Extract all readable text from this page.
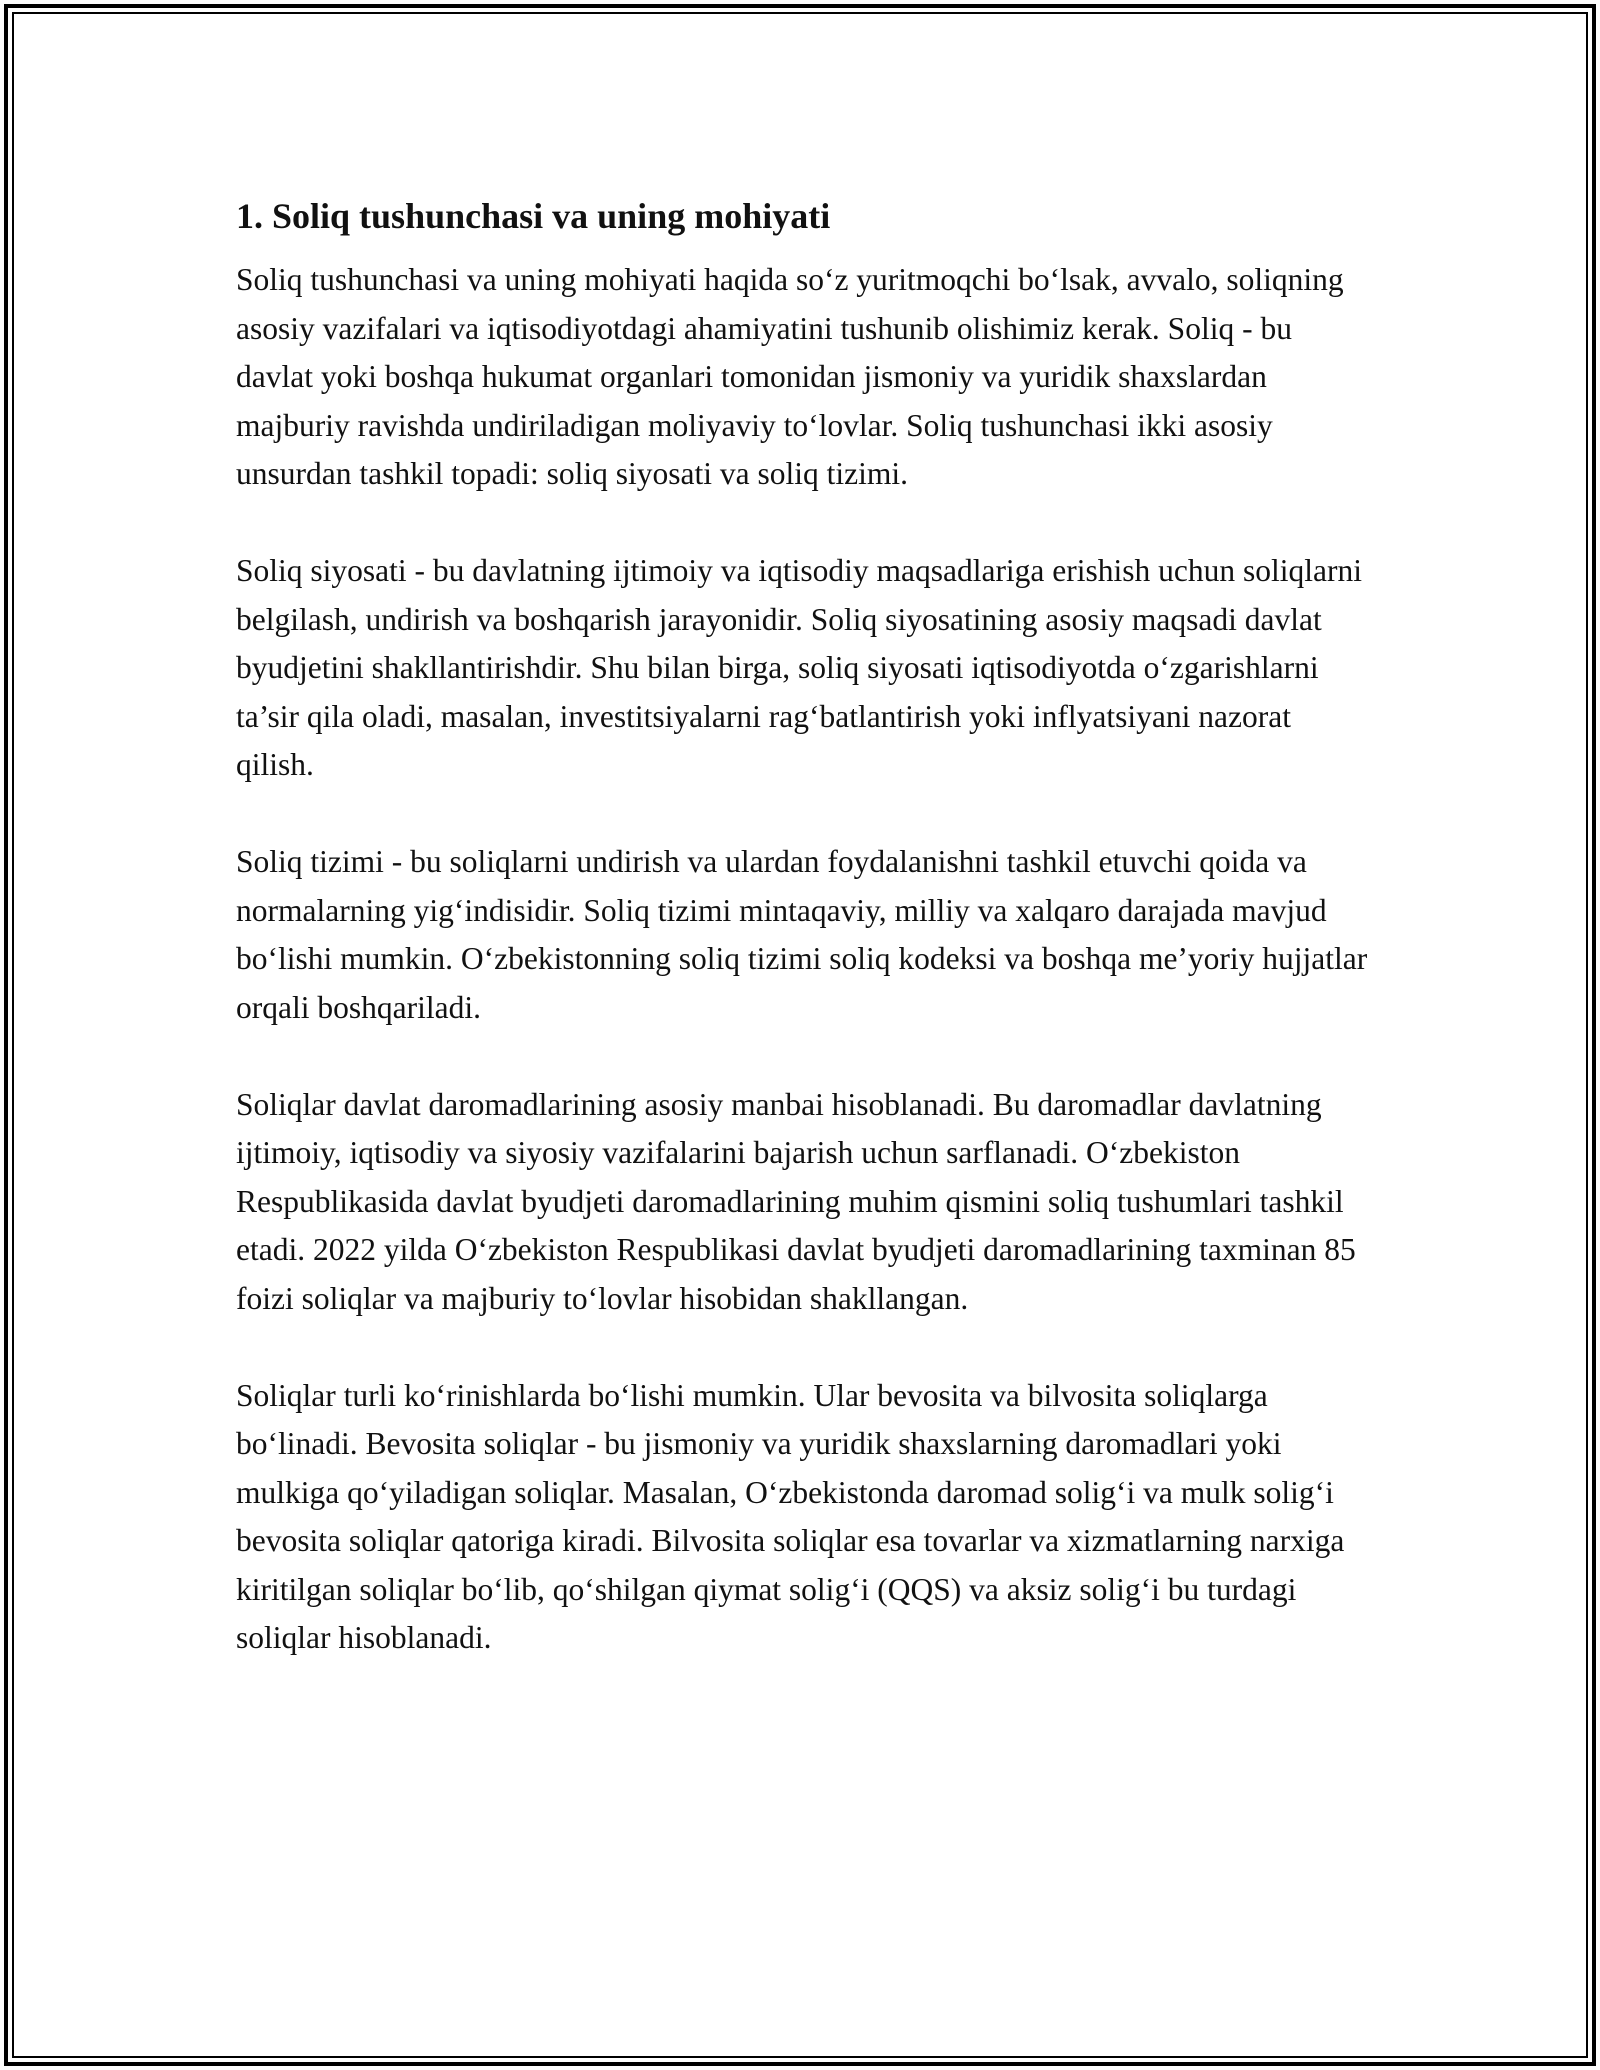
1. Soliq tushunchasi va uning mohiyati

Soliq tushunchasi va uning mohiyati haqida so‘z yuritmoqchi bo‘lsak, avvalo, soliqning asosiy vazifalari va iqtisodiyotdagi ahamiyatini tushunib olishimiz kerak. Soliq - bu davlat yoki boshqa hukumat organlari tomonidan jismoniy va yuridik shaxslardan majburiy ravishda undiriladigan moliyaviy to‘lovlar. Soliq tushunchasi ikki asosiy unsurdan tashkil topadi: soliq siyosati va soliq tizimi.

Soliq siyosati - bu davlatning ijtimoiy va iqtisodiy maqsadlariga erishish uchun soliqlarni belgilash, undirish va boshqarish jarayonidir. Soliq siyosatining asosiy maqsadi davlat byudjetini shakllantirishdir. Shu bilan birga, soliq siyosati iqtisodiyotda o‘zgarishlarni ta’sir qila oladi, masalan, investitsiyalarni rag‘batlantirish yoki inflyatsiyani nazorat qilish.

Soliq tizimi - bu soliqlarni undirish va ulardan foydalanishni tashkil etuvchi qoida va normalarning yig‘indisidir. Soliq tizimi mintaqaviy, milliy va xalqaro darajada mavjud bo‘lishi mumkin. O‘zbekistonning soliq tizimi soliq kodeksi va boshqa me’yoriy hujjatlar orqali boshqariladi.

Soliqlar davlat daromadlarining asosiy manbai hisoblanadi. Bu daromadlar davlatning ijtimoiy, iqtisodiy va siyosiy vazifalarini bajarish uchun sarflanadi. O‘zbekiston Respublikasida davlat byudjeti daromadlarining muhim qismini soliq tushumlari tashkil etadi. 2022 yilda O‘zbekiston Respublikasi davlat byudjeti daromadlarining taxminan 85 foizi soliqlar va majburiy to‘lovlar hisobidan shakllangan.

Soliqlar turli ko‘rinishlarda bo‘lishi mumkin. Ular bevosita va bilvosita soliqlarga bo‘linadi. Bevosita soliqlar - bu jismoniy va yuridik shaxslarning daromadlari yoki mulkiga qo‘yiladigan soliqlar. Masalan, O‘zbekistonda daromad solig‘i va mulk solig‘i bevosita soliqlar qatoriga kiradi. Bilvosita soliqlar esa tovarlar va xizmatlarning narxiga kiritilgan soliqlar bo‘lib, qo‘shilgan qiymat solig‘i (QQS) va aksiz solig‘i bu turdagi soliqlar hisoblanadi.
